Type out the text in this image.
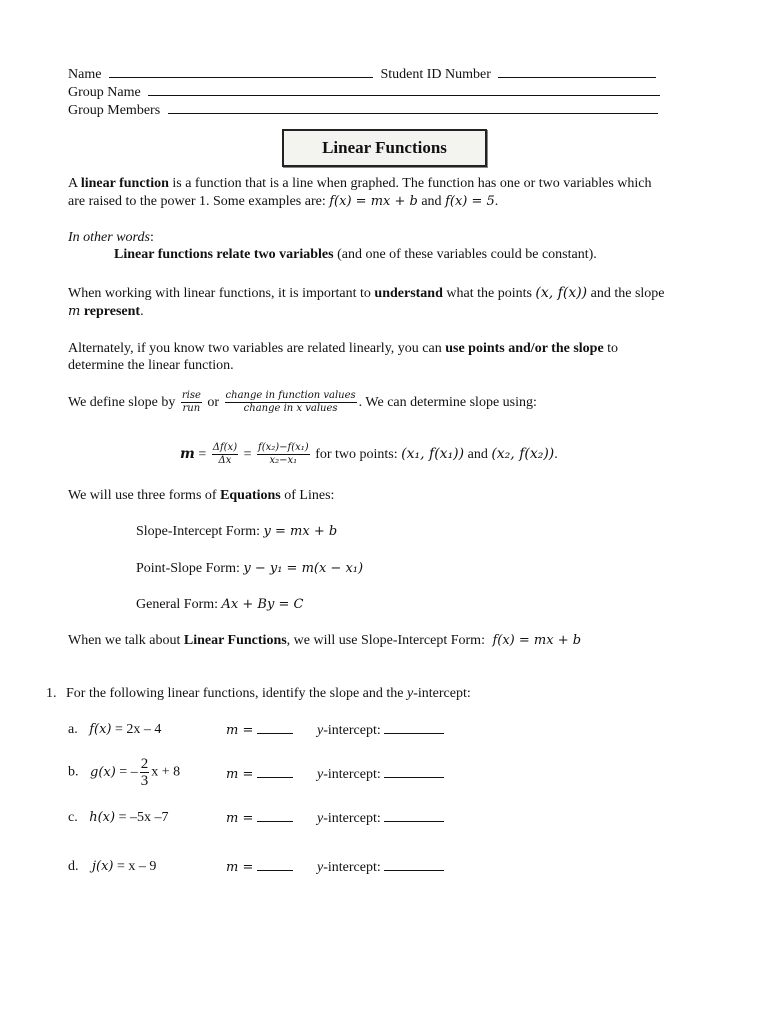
Name	Student ID Number
Group Name
Group Members
Linear Functions
A linear function is a function that is a line when graphed. The function has one or two variables which
are raised to the power 1. Some examples are: f(x) = mx + b and f(x) = 5.
In other words:
Linear functions relate two variables (and one of these variables could be constant).
When working with linear functions, it is important to understand what the points (x, f(x)) and the slope
m represent.
Alternately, if you know two variables are related linearly, you can use points and/or the slope to
determine the linear function.
We define slope by $\frac{\text{rise}}{\text{run}}$ or $\frac{\text{change in function values}}{\text{change in x values}}$ . We can determine slope using:
$m = \frac{\Delta f(x)}{\Delta x} = \frac{\text{f(x₂)−f(x₁)}}{\text{x₂−x₁}}$ for two points: (x₁, f(x₁)) and (x₂, f(x₂)).
We will use three forms of Equations of Lines:
Slope-Intercept Form: y = mx + b
Point-Slope Form: y − y₁ = m(x − x₁)
General Form: Ax + By = C
When we talk about Linear Functions, we will use Slope-Intercept Form: f(x) = mx + b
1. For the following linear functions, identify the slope and the y-intercept:
a. f(x) = 2x – 4	m =	y-intercept:
b. g(x) = – $\frac{2}{3}$ x + 8	m =	y-intercept:
c. h(x) = –5x –7	m =	y-intercept:
d. j(x) = x – 9	m =	y-intercept:
